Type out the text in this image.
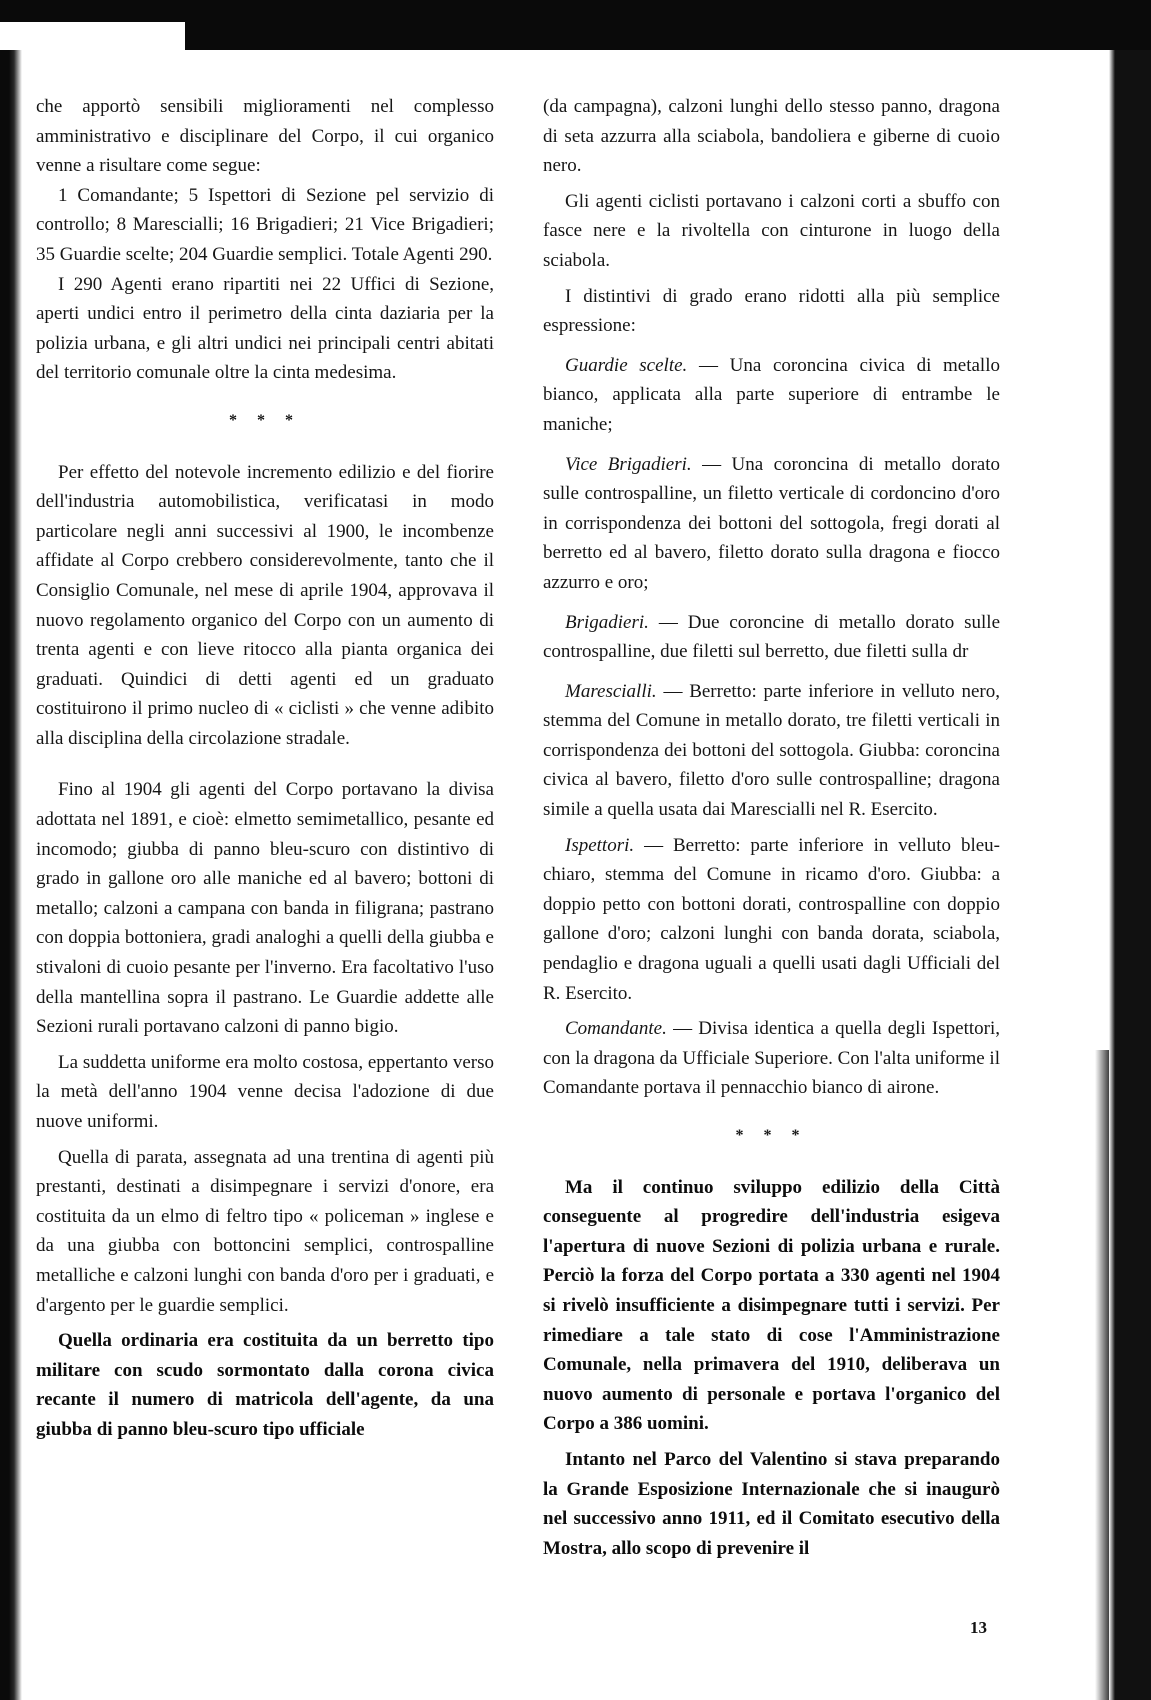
che apportò sensibili miglioramenti nel complesso amministrativo e disciplinare del Corpo, il cui organico venne a risultare come segue:

1 Comandante; 5 Ispettori di Sezione pel servizio di controllo; 8 Marescialli; 16 Brigadieri; 21 Vice Brigadieri; 35 Guardie scelte; 204 Guardie semplici. Totale Agenti 290.

I 290 Agenti erano ripartiti nei 22 Uffici di Sezione, aperti undici entro il perimetro della cinta daziaria per la polizia urbana, e gli altri undici nei principali centri abitati del territorio comunale oltre la cinta medesima.

* * *

Per effetto del notevole incremento edilizio e del fiorire dell'industria automobilistica, verificatasi in modo particolare negli anni successivi al 1900, le incombenze affidate al Corpo crebbero considerevolmente, tanto che il Consiglio Comunale, nel mese di aprile 1904, approvava il nuovo regolamento organico del Corpo con un aumento di trenta agenti e con lieve ritocco alla pianta organica dei graduati. Quindici di detti agenti ed un graduato costituirono il primo nucleo di « ciclisti » che venne adibito alla disciplina della circolazione stradale.

Fino al 1904 gli agenti del Corpo portavano la divisa adottata nel 1891, e cioè: elmetto semimetallico, pesante ed incomodo; giubba di panno bleu-scuro con distintivo di grado in gallone oro alle maniche ed al bavero; bottoni di metallo; calzoni a campana con banda in filigrana; pastrano con doppia bottoniera, gradi analoghi a quelli della giubba e stivaloni di cuoio pesante per l'inverno. Era facoltativo l'uso della mantellina sopra il pastrano. Le Guardie addette alle Sezioni rurali portavano calzoni di panno bigio.

La suddetta uniforme era molto costosa, eppertanto verso la metà dell'anno 1904 venne decisa l'adozione di due nuove uniformi.

Quella di parata, assegnata ad una trentina di agenti più prestanti, destinati a disimpegnare i servizi d'onore, era costituita da un elmo di feltro tipo « policeman » inglese e da una giubba con bottoncini semplici, controspalline metalliche e calzoni lunghi con banda d'oro per i graduati, e d'argento per le guardie semplici.

Quella ordinaria era costituita da un berretto tipo militare con scudo sormontato dalla corona civica recante il numero di matricola dell'agente, da una giubba di panno bleu-scuro tipo ufficiale

(da campagna), calzoni lunghi dello stesso panno, dragona di seta azzurra alla sciabola, bandoliera e giberne di cuoio nero.

Gli agenti ciclisti portavano i calzoni corti a sbuffo con fasce nere e la rivoltella con cinturone in luogo della sciabola.

I distintivi di grado erano ridotti alla più semplice espressione:

Guardie scelte. — Una coroncina civica di metallo bianco, applicata alla parte superiore di entrambe le maniche;

Vice Brigadieri. — Una coroncina di metallo dorato sulle controspalline, un filetto verticale di cordoncino d'oro in corrispondenza dei bottoni del sottogola, fregi dorati al berretto ed al bavero, filetto dorato sulla dragona e fiocco azzurro e oro;

Brigadieri. — Due coroncine di metallo dorato sulle controspalline, due filetti sul berretto, due filetti sulla dr

Marescialli. — Berretto: parte inferiore in velluto nero, stemma del Comune in metallo dorato, tre filetti verticali in corrispondenza dei bottoni del sottogola. Giubba: coroncina civica al bavero, filetto d'oro sulle controspalline; dragona simile a quella usata dai Marescialli nel R. Esercito.

Ispettori. — Berretto: parte inferiore in velluto bleu-chiaro, stemma del Comune in ricamo d'oro. Giubba: a doppio petto con bottoni dorati, controspalline con doppio gallone d'oro; calzoni lunghi con banda dorata, sciabola, pendaglio e dragona uguali a quelli usati dagli Ufficiali del R. Esercito.

Comandante. — Divisa identica a quella degli Ispettori, con la dragona da Ufficiale Superiore. Con l'alta uniforme il Comandante portava il pennacchio bianco di airone.

* * *

Ma il continuo sviluppo edilizio della Città conseguente al progredire dell'industria esigeva l'apertura di nuove Sezioni di polizia urbana e rurale. Perciò la forza del Corpo portata a 330 agenti nel 1904 si rivelò insufficiente a disimpegnare tutti i servizi. Per rimediare a tale stato di cose l'Amministrazione Comunale, nella primavera del 1910, deliberava un nuovo aumento di personale e portava l'organico del Corpo a 386 uomini.

Intanto nel Parco del Valentino si stava preparando la Grande Esposizione Internazionale che si inaugurò nel successivo anno 1911, ed il Comitato esecutivo della Mostra, allo scopo di prevenire il

13
